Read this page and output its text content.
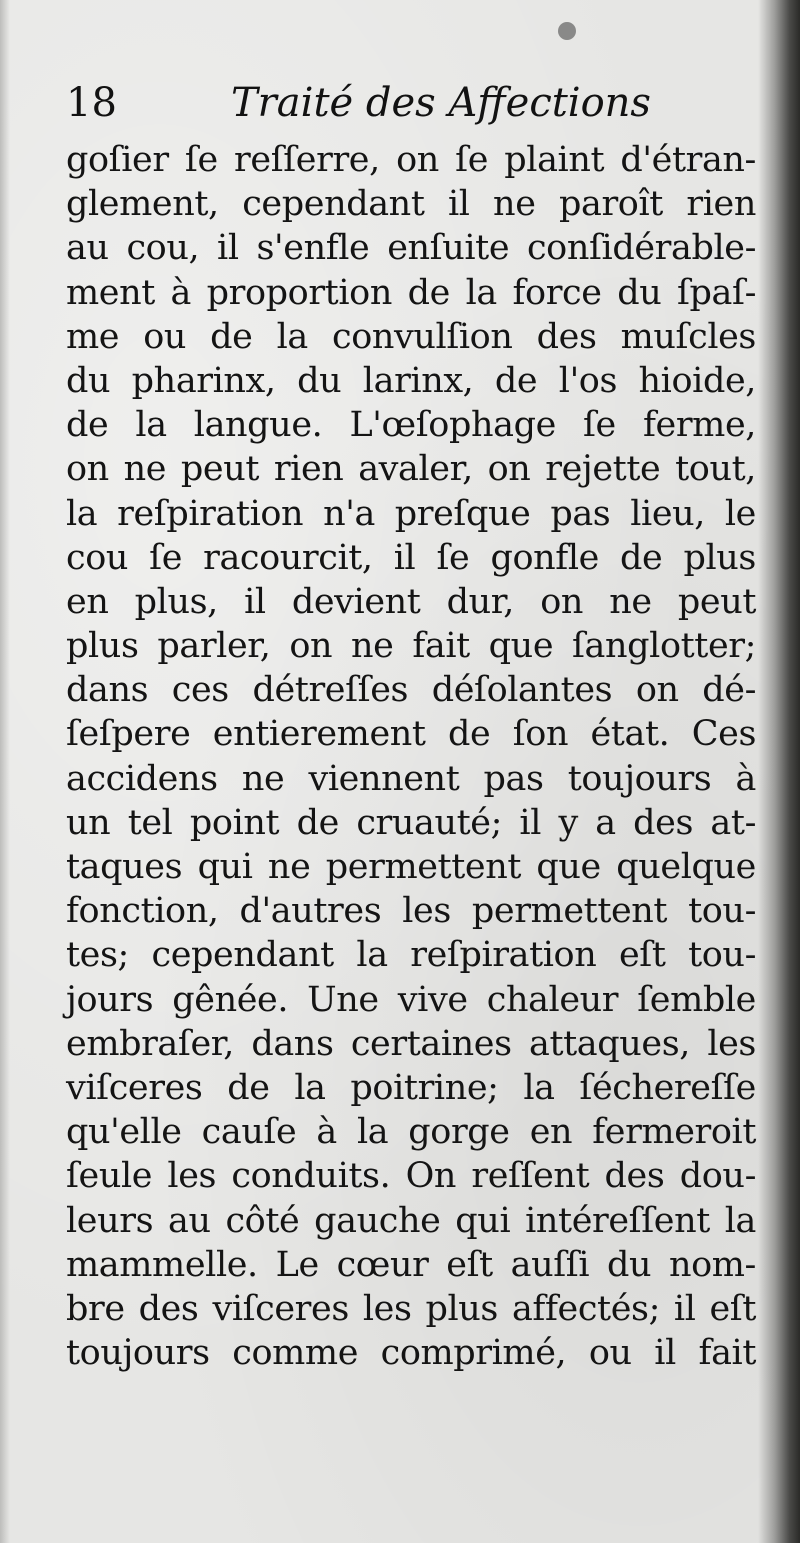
18	Traité des Affections
goſier ſe reſſerre, on ſe plaint d'étran-
glement, cependant il ne paroît rien
au cou, il s'enfle enſuite conſidérable-
ment à proportion de la force du ſpaſ-
me ou de la convulſion des muſcles
du pharinx, du larinx, de l'os hioide,
de la langue. L'œſophage ſe ferme,
on ne peut rien avaler, on rejette tout,
la reſpiration n'a preſque pas lieu, le
cou ſe racourcit, il ſe gonfle de plus
en plus, il devient dur, on ne peut
plus parler, on ne fait que ſanglotter;
dans ces détreſſes déſolantes on dé-
ſeſpere entierement de ſon état. Ces
accidens ne viennent pas toujours à
un tel point de cruauté; il y a des at-
taques qui ne permettent que quelque
fonction, d'autres les permettent tou-
tes; cependant la reſpiration eſt tou-
jours gênée. Une vive chaleur ſemble
embraſer, dans certaines attaques, les
viſceres de la poitrine; la ſéchereſſe
qu'elle cauſe à la gorge en fermeroit
ſeule les conduits. On reſſent des dou-
leurs au côté gauche qui intéreſſent la
mammelle. Le cœur eſt auſſi du nom-
bre des viſceres les plus affectés; il eſt
toujours comme comprimé, ou il fait
